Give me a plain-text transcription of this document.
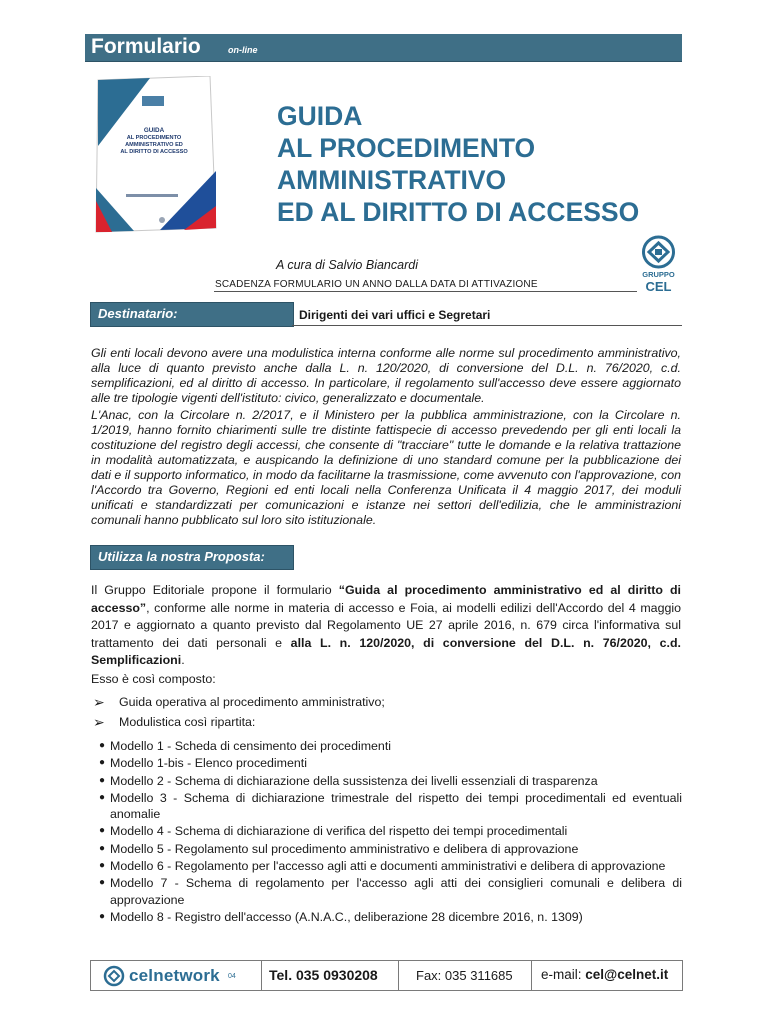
Formulario	on-line
GUIDA
AL PROCEDIMENTO
AMMINISTRATIVO ED
AL DIRITTO DI ACCESSO
GUIDA
AL PROCEDIMENTO
AMMINISTRATIVO
ED AL DIRITTO DI ACCESSO
A cura di Salvio Biancardi
SCADENZA FORMULARIO UN ANNO DALLA DATA DI ATTIVAZIONE
GRUPPO
CEL
Destinatario:	Dirigenti dei vari uffici e Segretari
Gli enti locali devono avere una modulistica interna conforme alle norme sul procedimento amministrativo, alla luce di quanto previsto anche dalla L. n. 120/2020, di conversione del D.L. n. 76/2020, c.d. semplificazioni, ed al diritto di accesso. In particolare, il regolamento sull'accesso deve essere aggiornato alle tre tipologie vigenti dell'istituto: civico, generalizzato e documentale.
L'Anac, con la Circolare n. 2/2017, e il Ministero per la pubblica amministrazione, con la Circolare n. 1/2019, hanno fornito chiarimenti sulle tre distinte fattispecie di accesso prevedendo per gli enti locali la costituzione del registro degli accessi, che consente di "tracciare" tutte le domande e la relativa trattazione in modalità automatizzata, e auspicando la definizione di uno standard comune per la pubblicazione dei dati e il supporto informatico, in modo da facilitarne la trasmissione, come avvenuto con l'approvazione, con l'Accordo tra Governo, Regioni ed enti locali nella Conferenza Unificata il 4 maggio 2017, dei moduli unificati e standardizzati per comunicazioni e istanze nei settori dell'edilizia, che le amministrazioni comunali hanno pubblicato sul loro sito istituzionale.
Utilizza la nostra Proposta:
Il Gruppo Editoriale propone il formulario “Guida al procedimento amministrativo ed al diritto di accesso”, conforme alle norme in materia di accesso e Foia, ai modelli edilizi dell'Accordo del 4 maggio 2017 e aggiornato a quanto previsto dal Regolamento UE 27 aprile 2016, n. 679 circa l'informativa sul trattamento dei dati personali e alla L. n. 120/2020, di conversione del D.L. n. 76/2020, c.d. Semplificazioni.
Esso è così composto:
➢ Guida operativa al procedimento amministrativo;
➢ Modulistica così ripartita:
● Modello 1 - Scheda di censimento dei procedimenti
● Modello 1-bis - Elenco procedimenti
● Modello 2 - Schema di dichiarazione della sussistenza dei livelli essenziali di trasparenza
● Modello 3 - Schema di dichiarazione trimestrale del rispetto dei tempi procedimentali ed eventuali anomalie
● Modello 4 - Schema di dichiarazione di verifica del rispetto dei tempi procedimentali
● Modello 5 - Regolamento sul procedimento amministrativo e delibera di approvazione
● Modello 6 - Regolamento per l'accesso agli atti e documenti amministrativi e delibera di approvazione
● Modello 7 - Schema di regolamento per l'accesso agli atti dei consiglieri comunali e delibera di approvazione
● Modello 8 - Registro dell'accesso (A.N.A.C., deliberazione 28 dicembre 2016, n. 1309)
celnetwork 04 Tel. 035 0930208	Fax: 035 311685 e-mail: cel@celnet.it
